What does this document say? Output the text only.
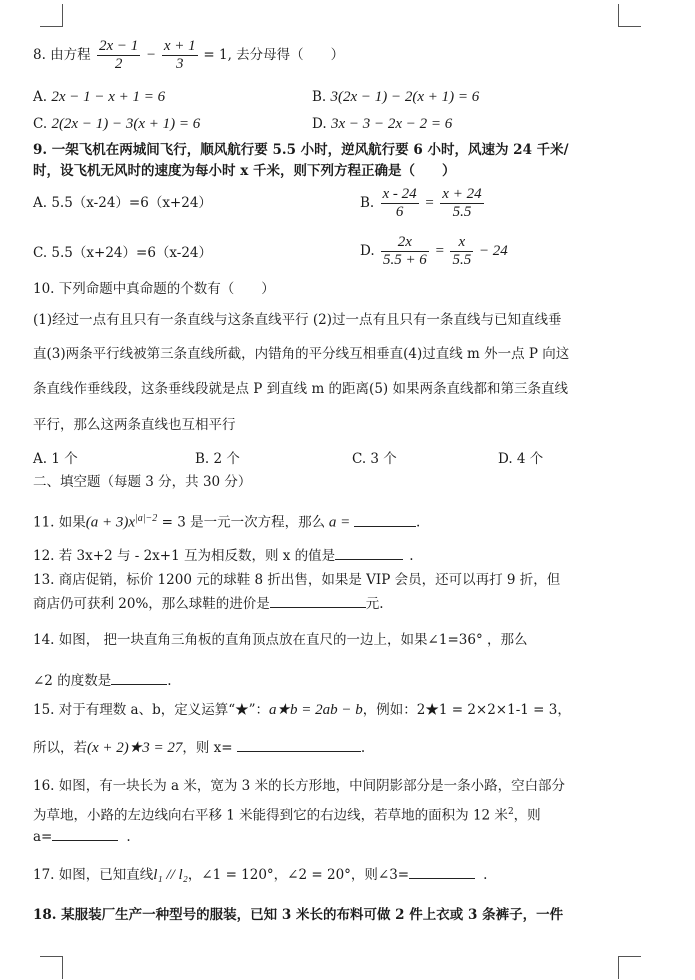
8. 由方程 $\frac{2x - 1}{2} - \frac{x + 1}{3} = 1$, 去分母得（　　）
A. 2x − 1 − x + 1 = 6	B. 3(2x − 1) − 2(x + 1) = 6
C. 2(2x − 1) − 3(x + 1) = 6	D. 3x − 3 − 2x − 2 = 6
9. 一架飞机在两城间飞行，顺风航行要 5.5 小时，逆风航行要 6 小时，风速为 24 千米/
时，设飞机无风时的速度为每小时 x 千米，则下列方程正确是（　　）
A. 5.5（x-24）=6（x+24）	B. $\frac{x - 24}{6} = \frac{x + 24}{5.5}$
C. 5.5（x+24）=6（x-24）	D. $\frac{2x}{5.5 + 6} = \frac{x}{5.5} - 24$
10. 下列命题中真命题的个数有（　　）
(1)经过一点有且只有一条直线与这条直线平行 (2)过一点有且只有一条直线与已知直线垂
直(3)两条平行线被第三条直线所截，内错角的平分线互相垂直(4)过直线 m 外一点 P 向这
条直线作垂线段，这条垂线段就是点 P 到直线 m 的距离(5) 如果两条直线都和第三条直线
平行，那么这两条直线也互相平行
A. 1 个	B. 2 个	C. 3 个	D. 4 个
二、填空题（每题 3 分，共 30 分）
11. 如果$(a + 3)x^{|a|-2} = 3$ 是一元一次方程，那么 a =	.
12. 若 3x+2 与 - 2x+1 互为相反数，则 x 的值是	.
13. 商店促销，标价 1200 元的球鞋 8 折出售，如果是 VIP 会员，还可以再打 9 折，但
商店仍可获利 20%，那么球鞋的进价是	元.
14. 如图， 把一块直角三角板的直角顶点放在直尺的一边上，如果∠1=36° ，那么
∠2 的度数是	.
15. 对于有理数 a、b，定义运算“★”：a★b = 2ab − b，例如：2★1 = 2×2×1-1 = 3，
所以，若(x + 2)★3 = 27，则 x=	.
16. 如图，有一块长为 a 米，宽为 3 米的长方形地，中间阴影部分是一条小路，空白部分
为草地，小路的左边线向右平移 1 米能得到它的右边线，若草地的面积为 12 米$^2$，则
a=	.
17. 如图，已知直线l₁ // l₂，∠1 = 120°，∠2 = 20°，则∠3=	.
18. 某服装厂生产一种型号的服装，已知 3 米长的布料可做 2 件上衣或 3 条裤子，一件
